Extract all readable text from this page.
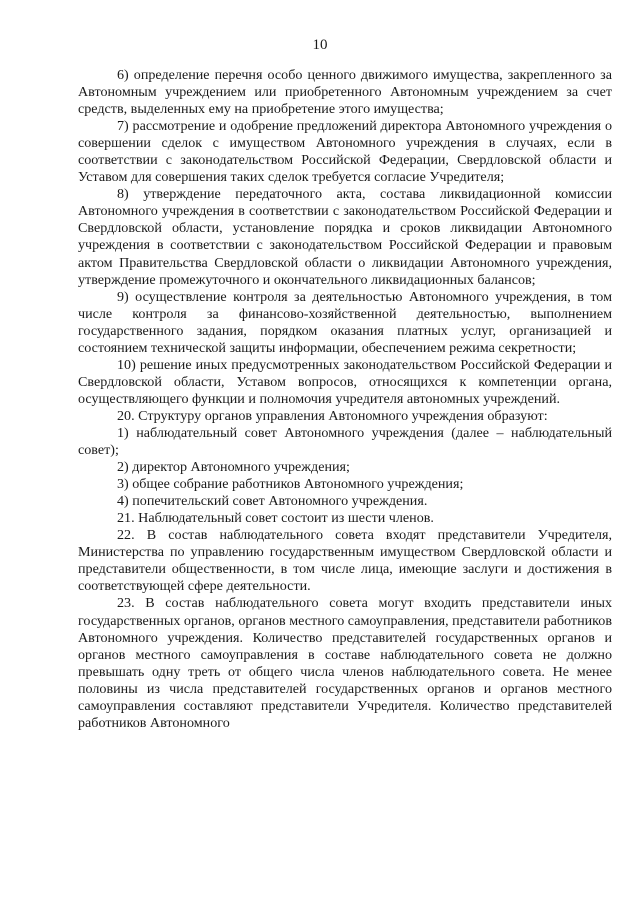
10

6) определение перечня особо ценного движимого имущества, закрепленного за Автономным учреждением или приобретенного Автономным учреждением за счет средств, выделенных ему на приобретение этого имущества;

7) рассмотрение и одобрение предложений директора Автономного учреждения о совершении сделок с имуществом Автономного учреждения в случаях, если в соответствии с законодательством Российской Федерации, Свердловской области и Уставом для совершения таких сделок требуется согласие Учредителя;

8) утверждение передаточного акта, состава ликвидационной комиссии Автономного учреждения в соответствии с законодательством Российской Федерации и Свердловской области, установление порядка и сроков ликвидации Автономного учреждения в соответствии с законодательством Российской Федерации и правовым актом Правительства Свердловской области о ликвидации Автономного учреждения, утверждение промежуточного и окончательного ликвидационных балансов;

9) осуществление контроля за деятельностью Автономного учреждения, в том числе контроля за финансово-хозяйственной деятельностью, выполнением государственного задания, порядком оказания платных услуг, организацией и состоянием технической защиты информации, обеспечением режима секретности;

10) решение иных предусмотренных законодательством Российской Федерации и Свердловской области, Уставом вопросов, относящихся к компетенции органа, осуществляющего функции и полномочия учредителя автономных учреждений.

20. Структуру органов управления Автономного учреждения образуют:

1) наблюдательный совет Автономного учреждения (далее – наблюдательный совет);

2) директор Автономного учреждения;

3) общее собрание работников Автономного учреждения;

4) попечительский совет Автономного учреждения.

21. Наблюдательный совет состоит из шести членов.

22. В состав наблюдательного совета входят представители Учредителя, Министерства по управлению государственным имуществом Свердловской области и представители общественности, в том числе лица, имеющие заслуги и достижения в соответствующей сфере деятельности.

23. В состав наблюдательного совета могут входить представители иных государственных органов, органов местного самоуправления, представители работников Автономного учреждения. Количество представителей государственных органов и органов местного самоуправления в составе наблюдательного совета не должно превышать одну треть от общего числа членов наблюдательного совета. Не менее половины из числа представителей государственных органов и органов местного самоуправления составляют представители Учредителя. Количество представителей работников Автономного
